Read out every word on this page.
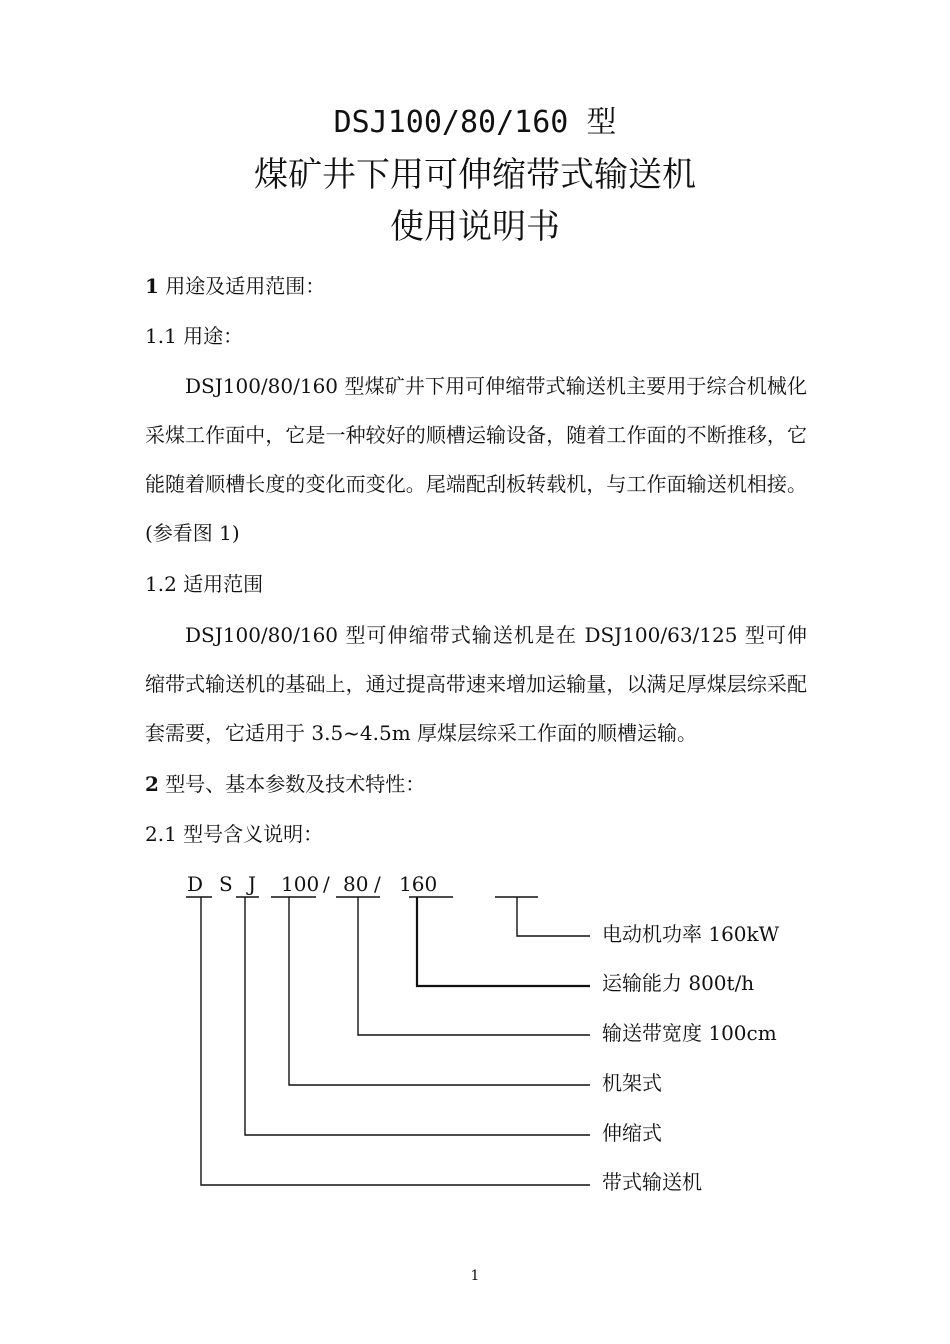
DSJ100/80/160 型
煤矿井下用可伸缩带式输送机
使用说明书
1 用途及适用范围：
1.1 用途：
DSJ100/80/160 型煤矿井下用可伸缩带式输送机主要用于综合机械化采煤工作面中，它是一种较好的顺槽运输设备，随着工作面的不断推移，它能随着顺槽长度的变化而变化。尾端配刮板转载机，与工作面输送机相接。 (参看图 1)
1.2 适用范围
DSJ100/80/160 型可伸缩带式输送机是在 DSJ100/63/125 型可伸缩带式输送机的基础上，通过提高带速来增加运输量，以满足厚煤层综采配套需要，它适用于 3.5~4.5m 厚煤层综采工作面的顺槽运输。
2 型号、基本参数及技术特性：
2.1 型号含义说明：
D S J 100 / 80 / 160
电动机功率 160kW
运输能力 800t/h
输送带宽度 100cm
机架式
伸缩式
带式输送机
1
